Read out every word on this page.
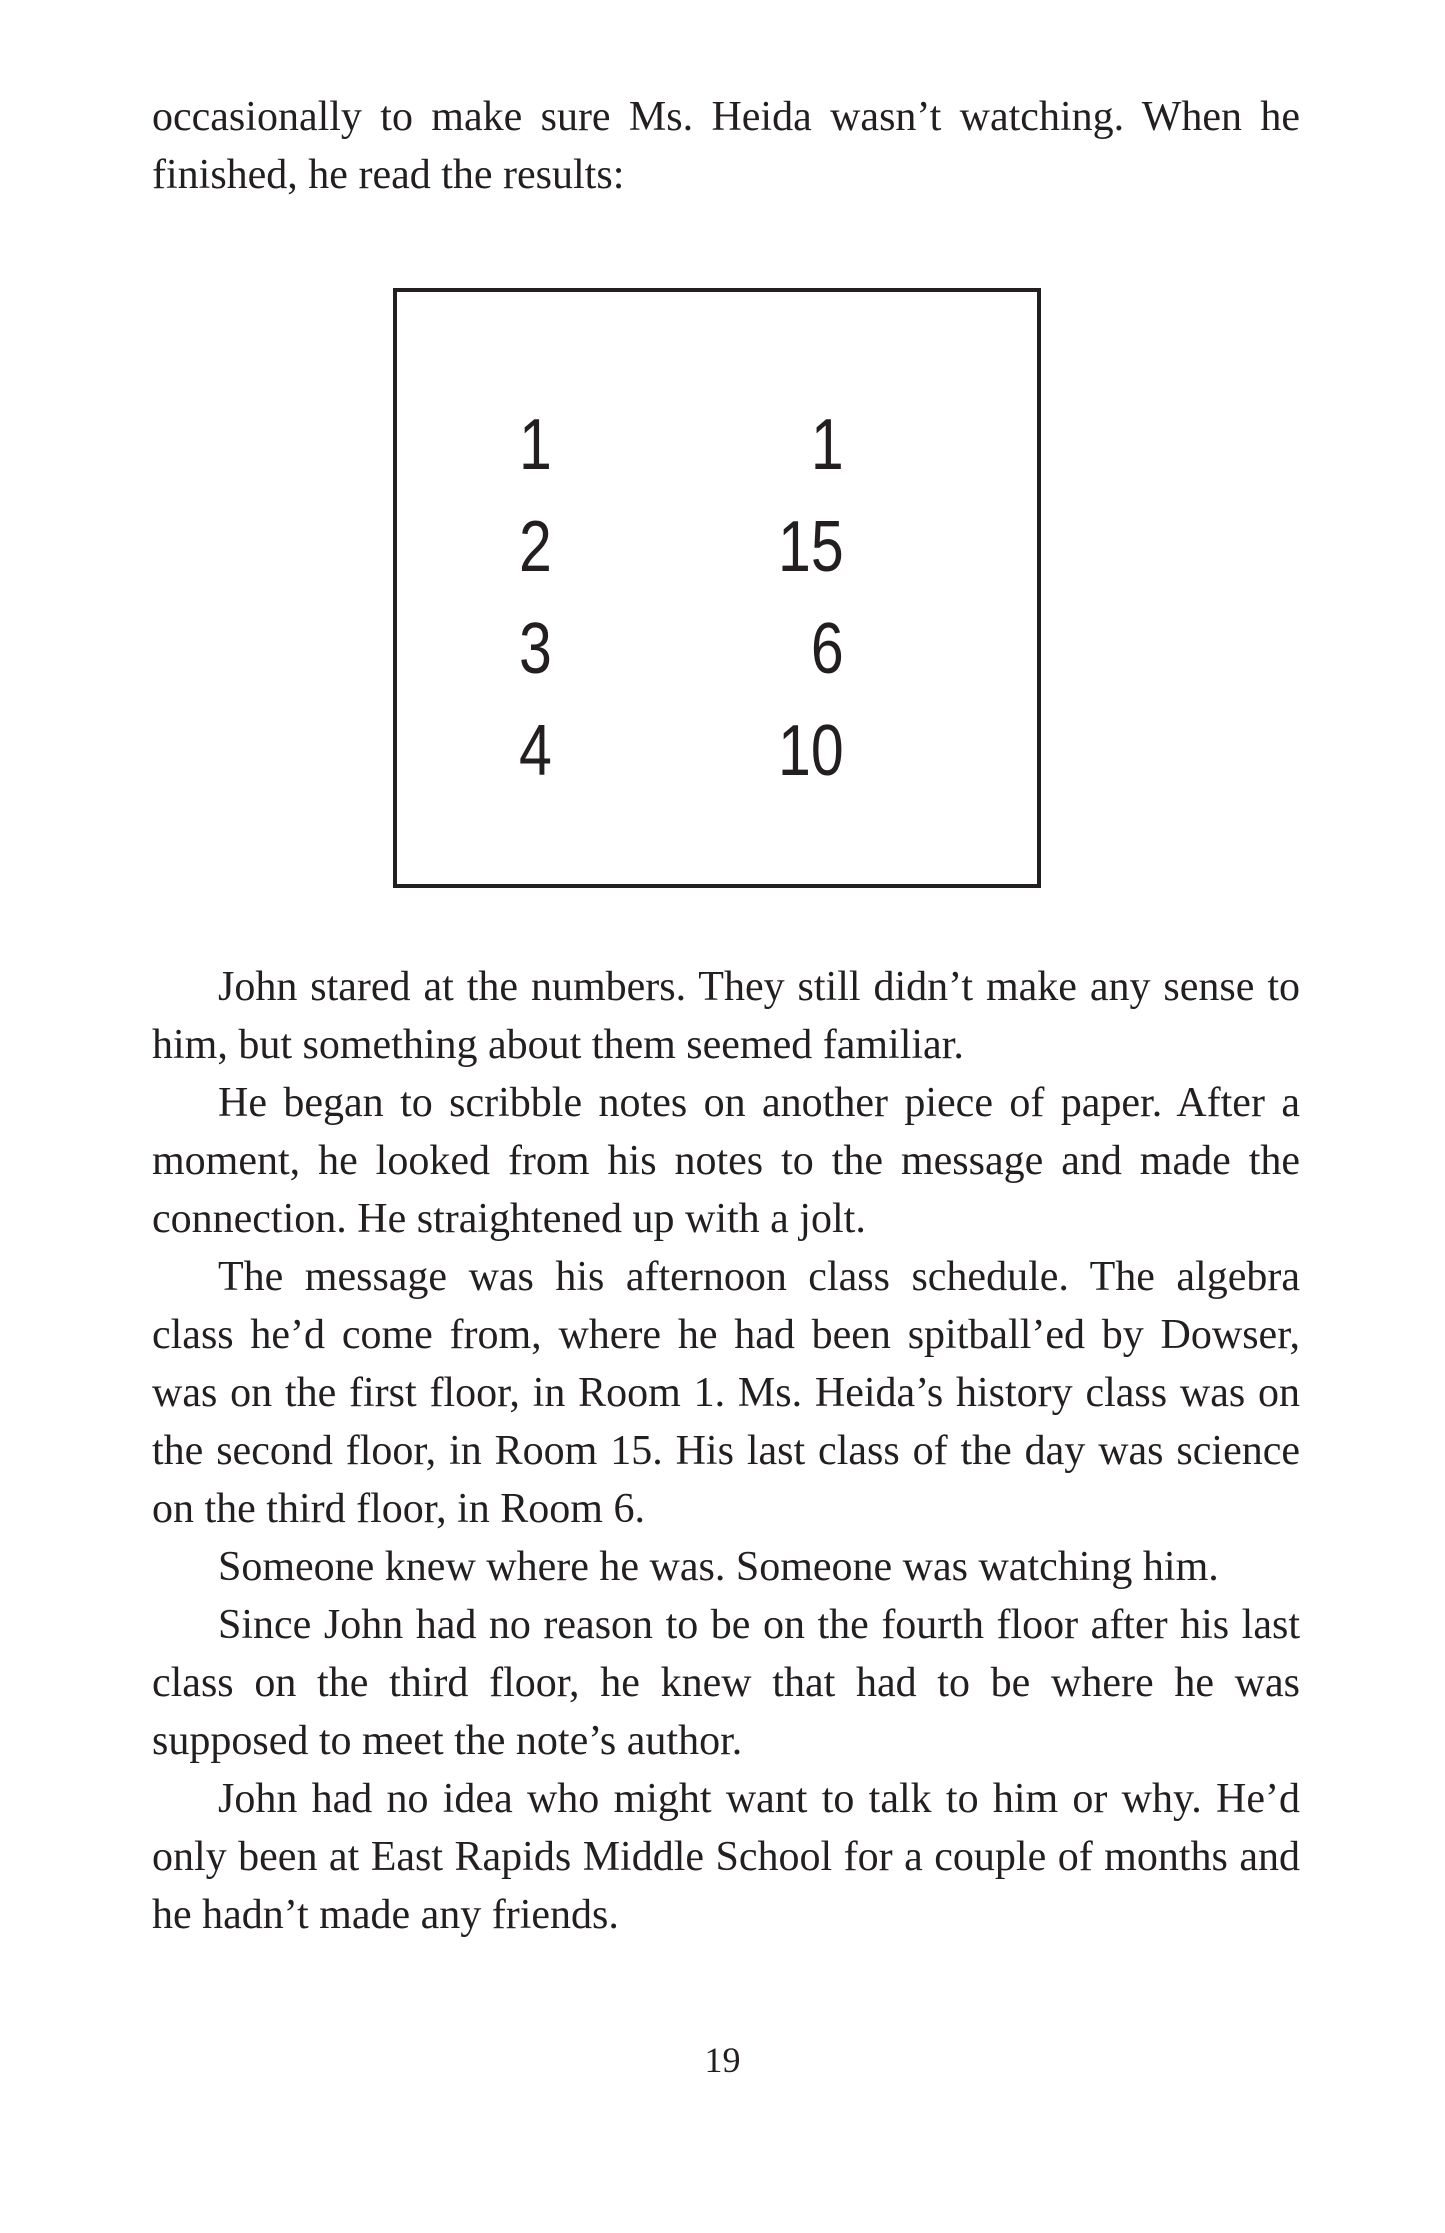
occasionally to make sure Ms. Heida wasn’t watching. When he finished, he read the results:

1	1
2	15
3	6
4	10

John stared at the numbers. They still didn’t make any sense to him, but something about them seemed familiar.

He began to scribble notes on another piece of paper. After a moment, he looked from his notes to the message and made the connection. He straightened up with a jolt.

The message was his afternoon class schedule. The algebra class he’d come from, where he had been spitball’ed by Dowser, was on the first floor, in Room 1. Ms. Heida’s history class was on the second floor, in Room 15. His last class of the day was science on the third floor, in Room 6.

Someone knew where he was. Someone was watching him.

Since John had no reason to be on the fourth floor after his last class on the third floor, he knew that had to be where he was supposed to meet the note’s author.

John had no idea who might want to talk to him or why. He’d only been at East Rapids Middle School for a couple of months and he hadn’t made any friends.

19
